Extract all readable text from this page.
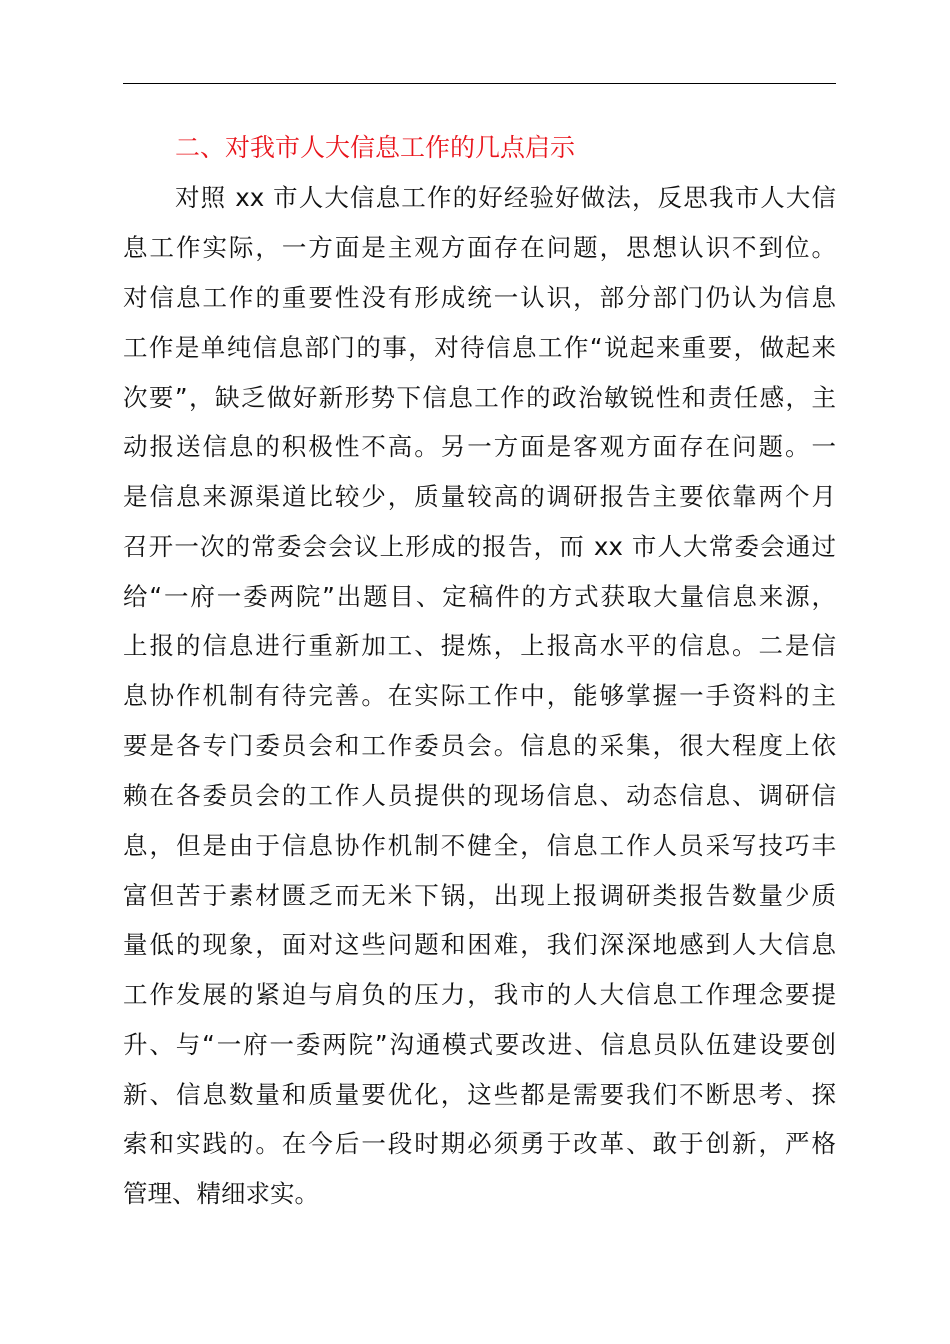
二、对我市人大信息工作的几点启示
对照 xx 市人大信息工作的好经验好做法，反思我市人大信
息工作实际，一方面是主观方面存在问题，思想认识不到位。
对信息工作的重要性没有形成统一认识，部分部门仍认为信息
工作是单纯信息部门的事，对待信息工作“说起来重要，做起来
次要”，缺乏做好新形势下信息工作的政治敏锐性和责任感，主
动报送信息的积极性不高。另一方面是客观方面存在问题。一
是信息来源渠道比较少，质量较高的调研报告主要依靠两个月
召开一次的常委会会议上形成的报告，而 xx 市人大常委会通过
给“一府一委两院”出题目、定稿件的方式获取大量信息来源，
上报的信息进行重新加工、提炼，上报高水平的信息。二是信
息协作机制有待完善。在实际工作中，能够掌握一手资料的主
要是各专门委员会和工作委员会。信息的采集，很大程度上依
赖在各委员会的工作人员提供的现场信息、动态信息、调研信
息，但是由于信息协作机制不健全，信息工作人员采写技巧丰
富但苦于素材匮乏而无米下锅，出现上报调研类报告数量少质
量低的现象，面对这些问题和困难，我们深深地感到人大信息
工作发展的紧迫与肩负的压力，我市的人大信息工作理念要提
升、与“一府一委两院”沟通模式要改进、信息员队伍建设要创
新、信息数量和质量要优化，这些都是需要我们不断思考、探
索和实践的。在今后一段时期必须勇于改革、敢于创新，严格
管理、精细求实。
